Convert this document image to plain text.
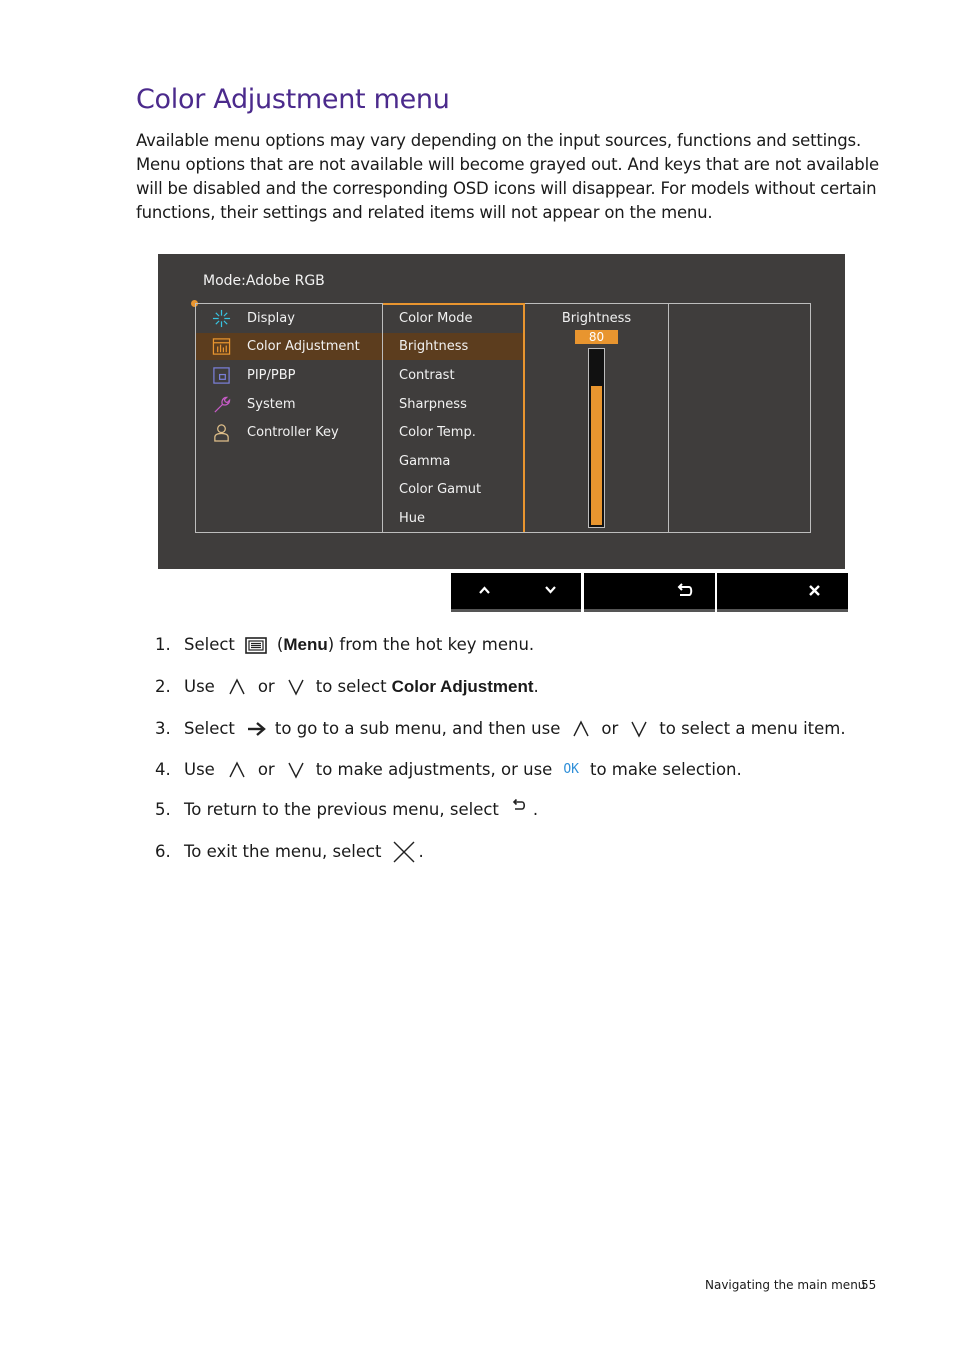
Color Adjustment menu

Available menu options may vary depending on the input sources, functions and settings. Menu options that are not available will become grayed out. And keys that are not available will be disabled and the corresponding OSD icons will disappear. For models without certain functions, their settings and related items will not appear on the menu.

Mode:Adobe RGB
Display
Color Adjustment
PIP/PBP
System
Controller Key
Color Mode
Brightness
Contrast
Sharpness
Color Temp.
Gamma
Color Gamut
Hue
Brightness
80
1. Select	( Menu ) from the hot key menu.
2. Use	or to select Color Adjustment .
3. Select to go to a sub menu, and then use or to select a menu item.
4. Use	or to make adjustments, or use OK to make selection.
5. To return to the previous menu, select .
6. To exit the menu, select .
Navigating the main menu
55
